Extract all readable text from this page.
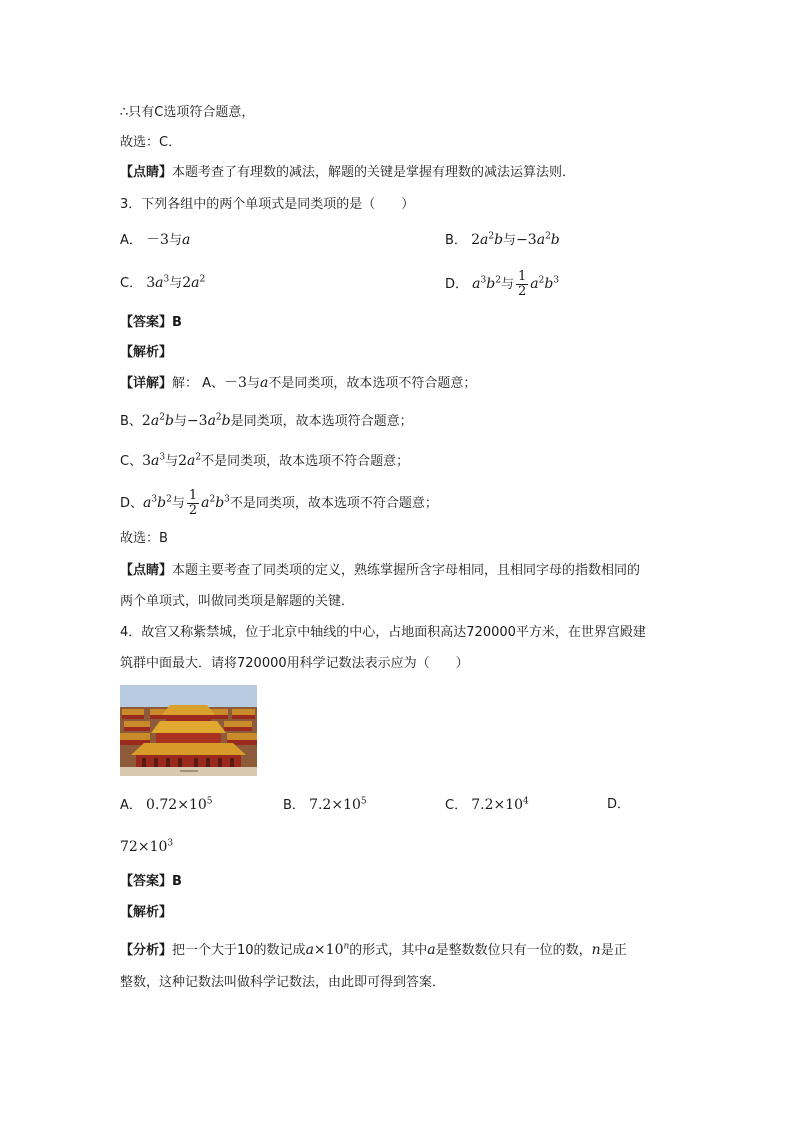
∴只有C选项符合题意，
故选：C．
【点睛】本题考查了有理数的减法，解题的关键是掌握有理数的减法运算法则．
3．下列各组中的两个单项式是同类项的是（　　）
A． －3与a	B． $2a^2b$与$-3a^2b$
C． $3a^3$与$2a^2$	D． $a^3b^2$与 $\frac{1}{2} a^2b^3$
【答案】B
【解析】
【详解】解： A、－3与a不是同类项，故本选项不符合题意；
B、$2a^2b$与$-3a^2b$是同类项，故本选项符合题意；
C、$3a^3$与$2a^2$不是同类项，故本选项不符合题意；
D、$a^3b^2$与 $\frac{1}{2} a^2b^3$不是同类项，故本选项不符合题意；
故选：B
【点睛】本题主要考查了同类项的定义，熟练掌握所含字母相同，且相同字母的指数相同的
两个单项式，叫做同类项是解题的关键．
4．故宫又称紫禁城，位于北京中轴线的中心，占地面积高达720000平方米，在世界宫殿建
筑群中面最大．请将720000用科学记数法表示应为（　　）
A． $0.72\times 10^5$	B． $7.2\times 10^5$	C． $7.2\times 10^4$	D．
$72\times 10^3$
【答案】B
【解析】
【分析】把一个大于10的数记成$a\times 10^n$的形式，其中a是整数数位只有一位的数，n是正
整数，这种记数法叫做科学记数法，由此即可得到答案．
